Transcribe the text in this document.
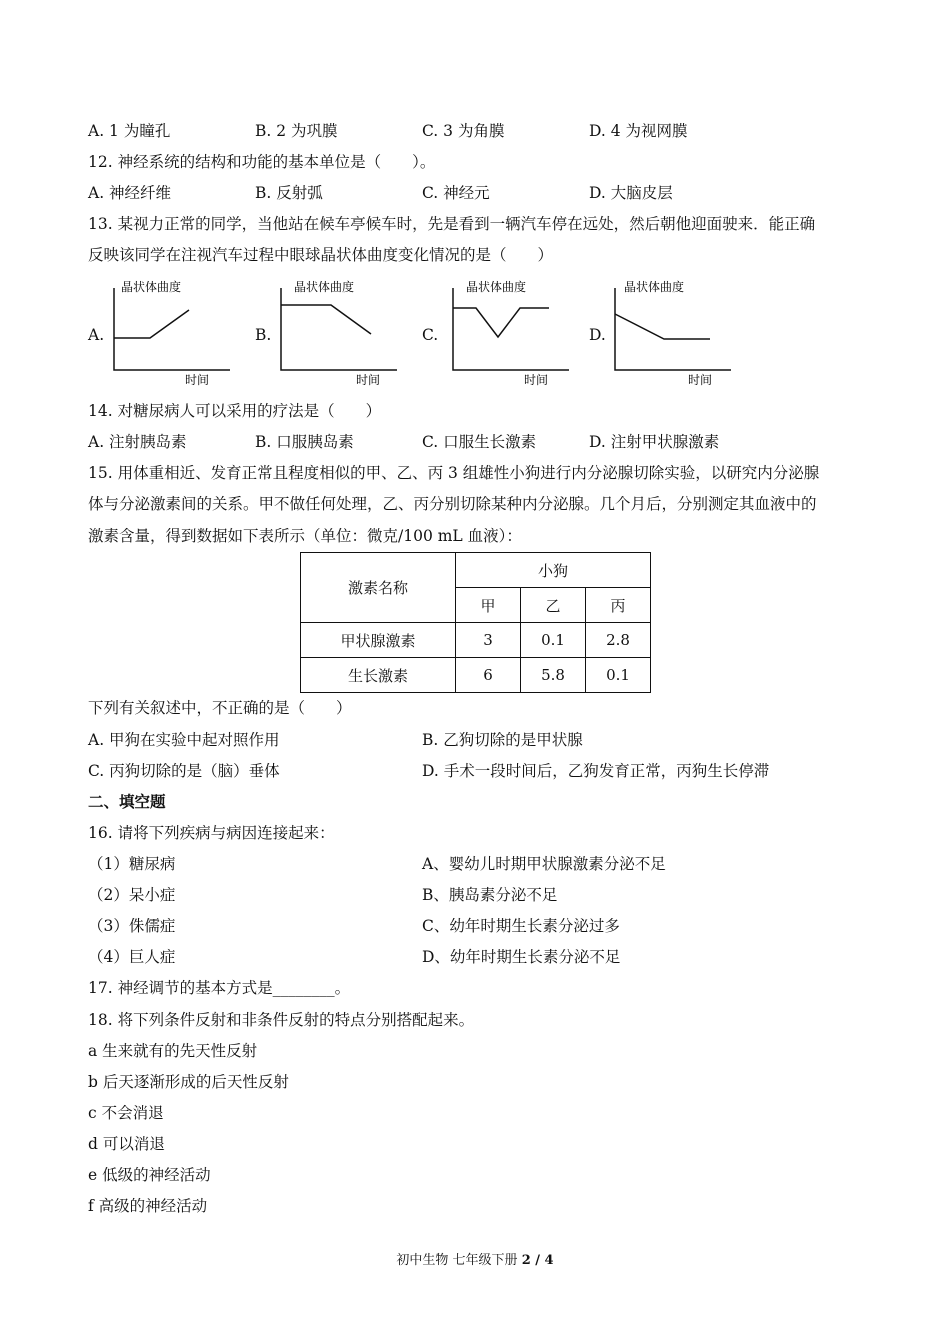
A. 1 为瞳孔	B. 2 为巩膜	C. 3 为角膜	D. 4 为视网膜
12. 神经系统的结构和功能的基本单位是（　　）。
A. 神经纤维	B. 反射弧	C. 神经元	D. 大脑皮层
13. 某视力正常的同学，当他站在候车亭候车时，先是看到一辆汽车停在远处，然后朝他迎面驶来．能正确
反映该同学在注视汽车过程中眼球晶状体曲度变化情况的是（　　）
A.	B.	C.	D.
晶状体曲度
时间
晶状体曲度
时间
晶状体曲度
时间
晶状体曲度
时间
14. 对糖尿病人可以采用的疗法是（　　）
A. 注射胰岛素	B. 口服胰岛素	C. 口服生长激素	D. 注射甲状腺激素
15. 用体重相近、发育正常且程度相似的甲、乙、丙 3 组雄性小狗进行内分泌腺切除实验，以研究内分泌腺
体与分泌激素间的关系。甲不做任何处理，乙、丙分别切除某种内分泌腺。几个月后，分别测定其血液中的
激素含量，得到数据如下表所示（单位：微克/100 mL 血液）：
激素名称	小狗		
	甲	乙	丙
甲状腺激素	3	0.1	2.8
生长激素	6	5.8	0.1
下列有关叙述中，不正确的是（　　）
A. 甲狗在实验中起对照作用	B. 乙狗切除的是甲状腺
C. 丙狗切除的是（脑）垂体	D. 手术一段时间后，乙狗发育正常，丙狗生长停滞
二、填空题
16. 请将下列疾病与病因连接起来：
（1）糖尿病	A、婴幼儿时期甲状腺激素分泌不足
（2）呆小症	B、胰岛素分泌不足
（3）侏儒症	C、幼年时期生长素分泌过多
（4）巨人症	D、幼年时期生长素分泌不足
17. 神经调节的基本方式是________。
18. 将下列条件反射和非条件反射的特点分别搭配起来。
a 生来就有的先天性反射
b 后天逐渐形成的后天性反射
c 不会消退
d 可以消退
e 低级的神经活动
f 高级的神经活动
初中生物 七年级下册 2 / 4
